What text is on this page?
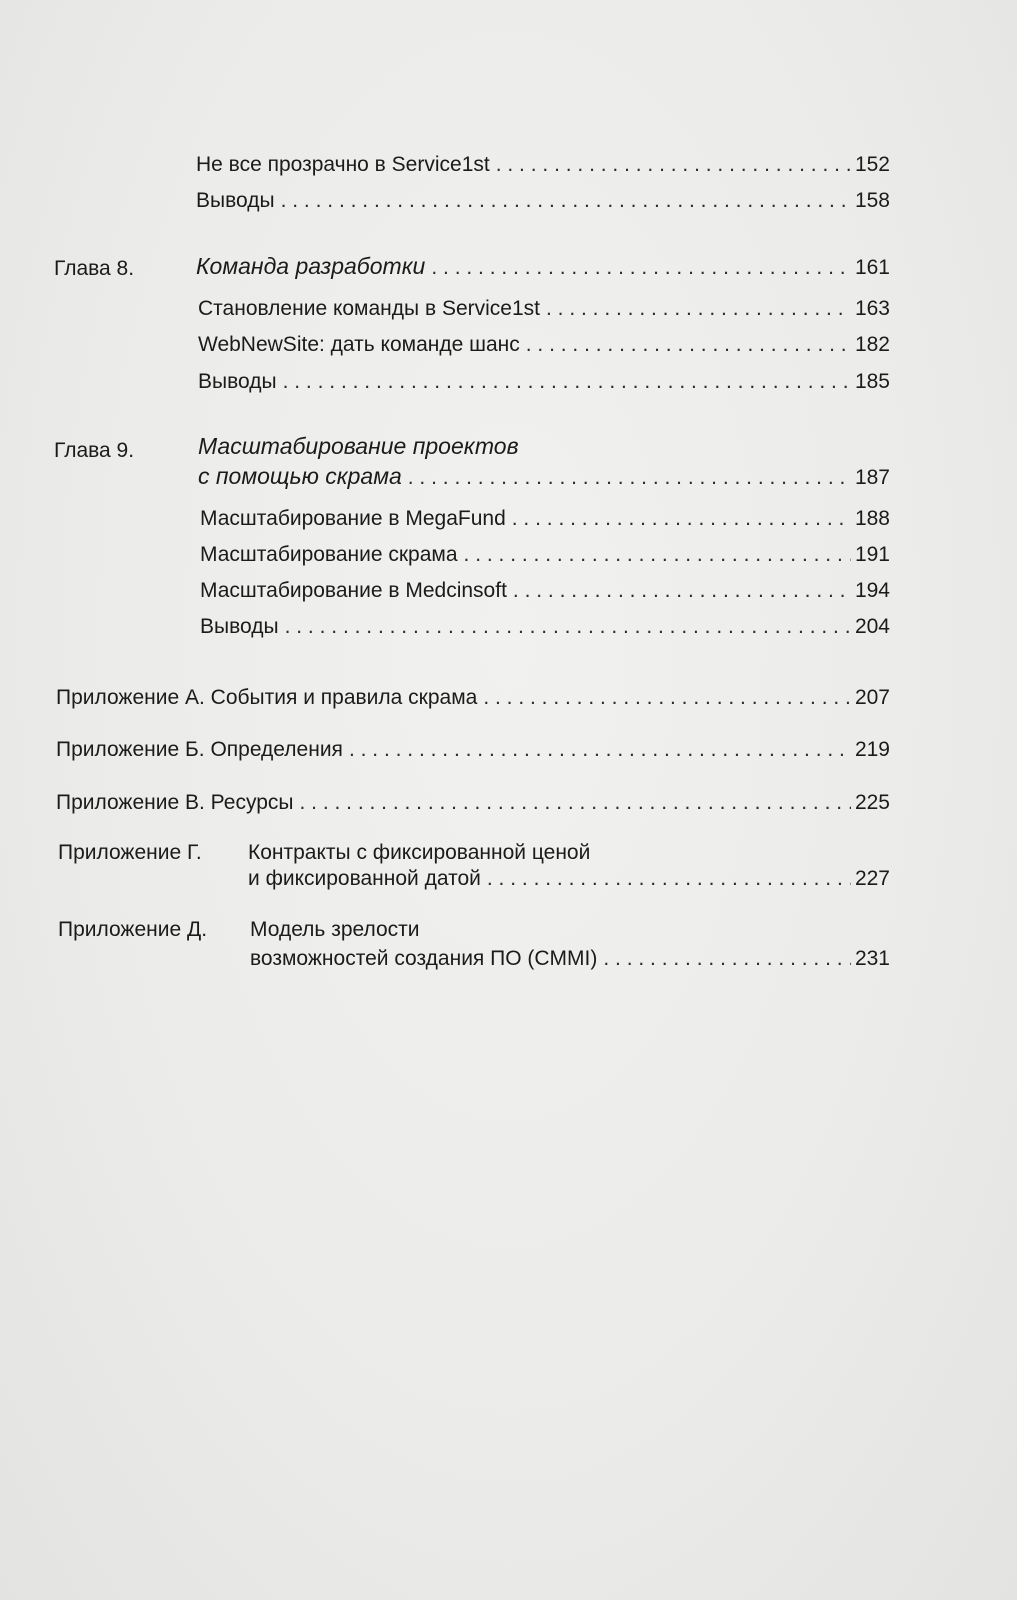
Не все прозрачно в Service1st . . .	152
Выводы . . .	158
Глава 8.	Команда разработки . . .	161
Становление команды в Service1st . . .	163
WebNewSite: дать команде шанс . . .	182
Выводы . . .	185
Глава 9.	Масштабирование проектов
с помощью скрама . . .	187
Масштабирование в MegaFund . . .	188
Масштабирование скрама . . .	191
Масштабирование в Medcinsoft . . .	194
Выводы . . .	204
Приложение А. События и правила скрама . . .	207
Приложение Б. Определения . . .	219
Приложение В. Ресурсы . . .	225
Приложение Г. Контракты с фиксированной ценой
и фиксированной датой . . .	227
Приложение Д. Модель зрелости
возможностей создания ПО (CMMI) . . .	231
